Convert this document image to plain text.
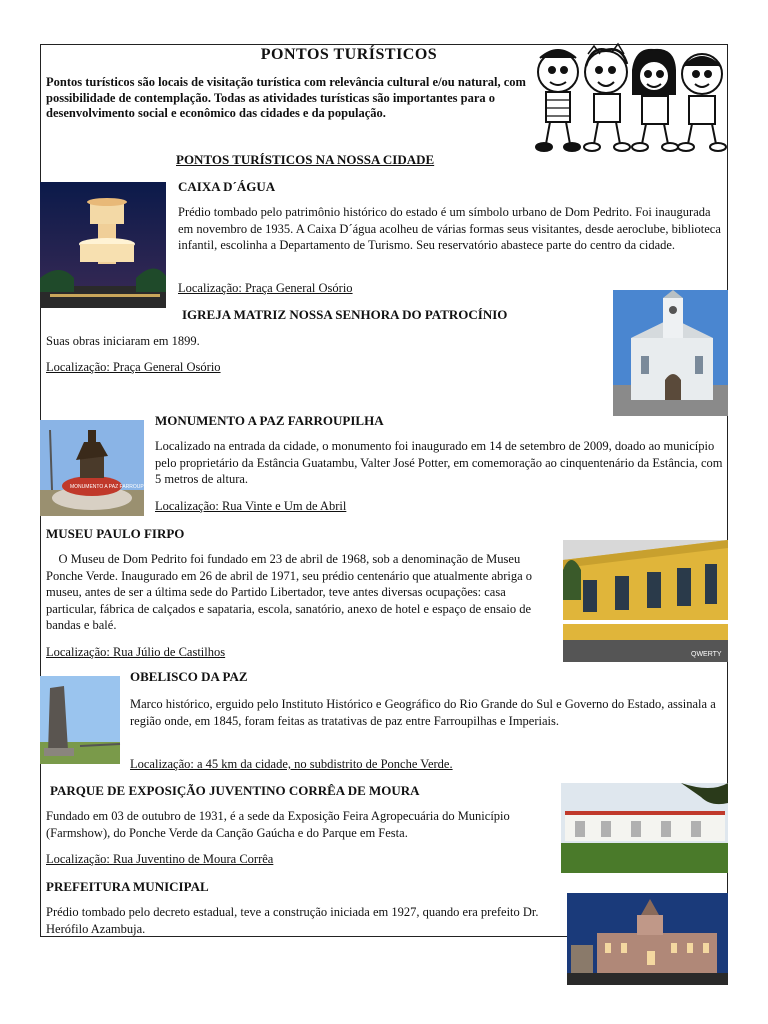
PONTOS TURÍSTICOS
Pontos turísticos são locais de visitação turística com relevância cultural e/ou natural, com possibilidade de contemplação. Todas as atividades turísticas são importantes para o desenvolvimento social e econômico das cidades e da população.
PONTOS TURÍSTICOS NA NOSSA CIDADE
CAIXA D´ÁGUA
Prédio tombado pelo patrimônio histórico do estado é um símbolo urbano de Dom Pedrito. Foi inaugurada em novembro de 1935. A Caixa D´água acolheu de várias formas seus visitantes, desde aeroclube, biblioteca infantil, escolinha a Departamento de Turismo. Seu reservatório abastece parte do centro da cidade.
Localização: Praça General Osório
IGREJA MATRIZ NOSSA SENHORA DO PATROCÍNIO
Suas obras iniciaram em 1899.
Localização: Praça General Osório
MONUMENTO A PAZ FARROUPILHA
MONUMENTO A PAZ FARROUPILHA
Localizado na entrada da cidade, o monumento foi inaugurado em 14 de setembro de 2009, doado ao município pelo proprietário da Estância Guatambu, Valter José Potter, em comemoração ao cinquentenário da Estância, com 5 metros de altura.
Localização: Rua Vinte e Um de Abril
MUSEU PAULO FIRPO
O Museu de Dom Pedrito foi fundado em 23 de abril de 1968, sob a denominação de Museu Ponche Verde. Inaugurado em 26 de abril de 1971, seu prédio centenário que atualmente abriga o museu, antes de ser a última sede do Partido Libertador, teve antes diversas ocupações: casa particular, fábrica de calçados e sapataria, escola, sanatório, anexo de hotel e espaço de ensaio de bandas e balé.
Localização: Rua Júlio de Castilhos	QWERTY
OBELISCO DA PAZ
Marco histórico, erguido pelo Instituto Histórico e Geográfico do Rio Grande do Sul e Governo do Estado, assinala a região onde, em 1845, foram feitas as tratativas de paz entre Farroupilhas e Imperiais.
Localização: a 45 km da cidade, no subdistrito de Ponche Verde.
PARQUE DE EXPOSIÇÃO JUVENTINO CORRÊA DE MOURA
Fundado em 03 de outubro de 1931, é a sede da Exposição Feira Agropecuária do Município (Farmshow), do Ponche Verde da Canção Gaúcha e do Parque em Festa.
Localização: Rua Juventino de Moura Corrêa
PREFEITURA MUNICIPAL
Prédio tombado pelo decreto estadual, teve a construção iniciada em 1927, quando era prefeito Dr. Herófilo Azambuja.
